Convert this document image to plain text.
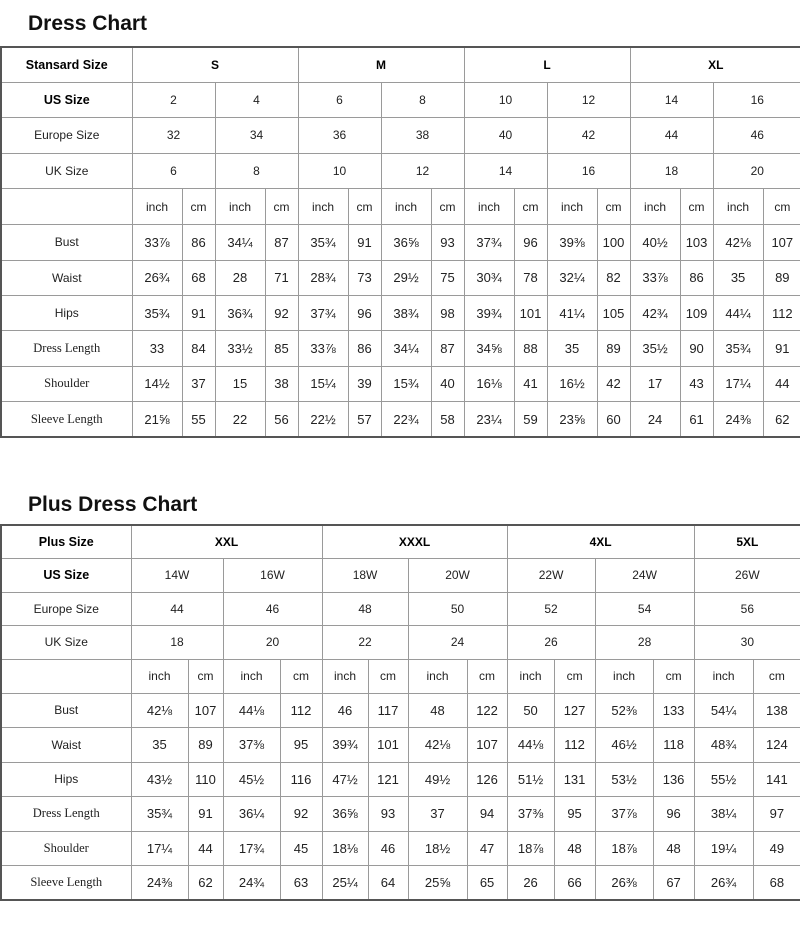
Dress Chart
Stansard Size	S				M				L				XL			
US Size	2		4		6		8		10		12		14		16	
Europe Size	32		34		36		38		40		42		44		46	
UK Size	6		8		10		12		14		16		18		20	
	inch	cm	inch	cm	inch	cm	inch	cm	inch	cm	inch	cm	inch	cm	inch	cm
Bust	33⅞	86	34¼	87	35¾	91	36⅝	93	37¾	96	39⅜	100	40½	103	42⅛	107
Waist	26¾	68	28	71	28¾	73	29½	75	30¾	78	32¼	82	33⅞	86	35	89
Hips	35¾	91	36¾	92	37¾	96	38¾	98	39¾	101	41¼	105	42¾	109	44¼	112
Dress Length	33	84	33½	85	33⅞	86	34¼	87	34⅝	88	35	89	35½	90	35¾	91
Shoulder	14½	37	15	38	15¼	39	15¾	40	16⅛	41	16½	42	17	43	17¼	44
Sleeve Length	21⅝	55	22	56	22½	57	22¾	58	23¼	59	23⅝	60	24	61	24⅜	62
Plus Dress Chart
Plus Size	XXL				XXXL				4XL				5XL	
US Size	14W		16W		18W		20W		22W		24W		26W	
Europe Size	44		46		48		50		52		54		56	
UK Size	18		20		22		24		26		28		30	
	inch	cm	inch	cm	inch	cm	inch	cm	inch	cm	inch	cm	inch	cm
Bust	42⅛	107	44⅛	112	46	117	48	122	50	127	52⅜	133	54¼	138
Waist	35	89	37⅜	95	39¾	101	42⅛	107	44⅛	112	46½	118	48¾	124
Hips	43½	110	45½	116	47½	121	49½	126	51½	131	53½	136	55½	141
Dress Length	35¾	91	36¼	92	36⅝	93	37	94	37⅜	95	37⅞	96	38¼	97
Shoulder	17¼	44	17¾	45	18⅛	46	18½	47	18⅞	48	18⅞	48	19¼	49
Sleeve Length	24⅜	62	24¾	63	25¼	64	25⅝	65	26	66	26⅜	67	26¾	68
